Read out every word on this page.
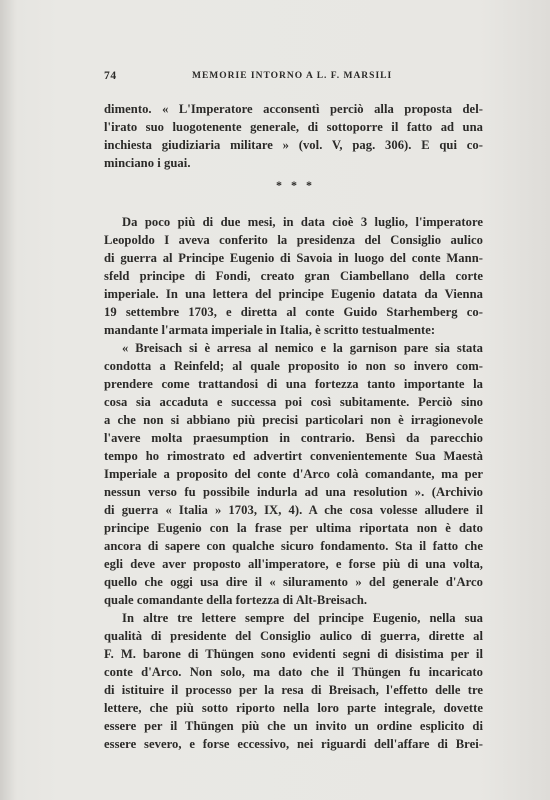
74	MEMORIE INTORNO A L. F. MARSILI
dimento. « L'Imperatore acconsentì perciò alla proposta del-
l'irato suo luogotenente generale, di sottoporre il fatto ad una
inchiesta giudiziaria militare » (vol. V, pag. 306). E qui co-
minciano i guai.
* * *
Da poco più di due mesi, in data cioè 3 luglio, l'imperatore
Leopoldo I aveva conferito la presidenza del Consiglio aulico
di guerra al Principe Eugenio di Savoia in luogo del conte Mann-
sfeld principe di Fondi, creato gran Ciambellano della corte
imperiale. In una lettera del principe Eugenio datata da Vienna
19 settembre 1703, e diretta al conte Guido Starhemberg co-
mandante l'armata imperiale in Italia, è scritto testualmente:
« Breisach si è arresa al nemico e la garnison pare sia stata
condotta a Reinfeld; al quale proposito io non so invero com-
prendere come trattandosi di una fortezza tanto importante la
cosa sia accaduta e successa poi così subitamente. Perciò sino
a che non si abbiano più precisi particolari non è irragionevole
l'avere molta praesumption in contrario. Bensì da parecchio
tempo ho rimostrato ed advertirt convenientemente Sua Maestà
Imperiale a proposito del conte d'Arco colà comandante, ma per
nessun verso fu possibile indurla ad una resolution ». (Archivio
di guerra « Italia » 1703, IX, 4). A che cosa volesse alludere il
principe Eugenio con la frase per ultima riportata non è dato
ancora di sapere con qualche sicuro fondamento. Sta il fatto che
egli deve aver proposto all'imperatore, e forse più di una volta,
quello che oggi usa dire il « siluramento » del generale d'Arco
quale comandante della fortezza di Alt-Breisach.
In altre tre lettere sempre del principe Eugenio, nella sua
qualità di presidente del Consiglio aulico di guerra, dirette al
F. M. barone di Thüngen sono evidenti segni di disistima per il
conte d'Arco. Non solo, ma dato che il Thüngen fu incaricato
di istituire il processo per la resa di Breisach, l'effetto delle tre
lettere, che più sotto riporto nella loro parte integrale, dovette
essere per il Thüngen più che un invito un ordine esplicito di
essere severo, e forse eccessivo, nei riguardi dell'affare di Brei-
